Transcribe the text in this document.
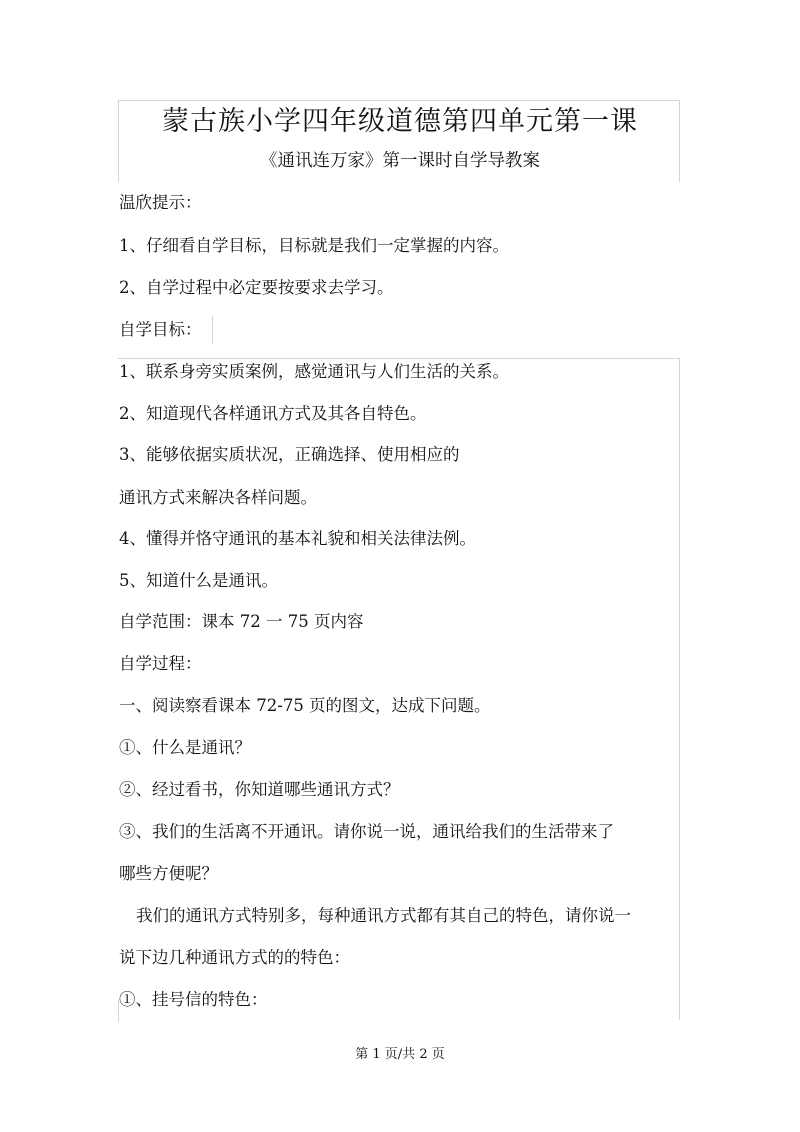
蒙古族小学四年级道德第四单元第一课
《通讯连万家》第一课时自学导教案
温欣提示：
1、仔细看自学目标，目标就是我们一定掌握的内容。
2、自学过程中必定要按要求去学习。
自学目标：
1、联系身旁实质案例，感觉通讯与人们生活的关系。
2、知道现代各样通讯方式及其各自特色。
3、能够依据实质状况，正确选择、使用相应的
通讯方式来解决各样问题。
4、懂得并恪守通讯的基本礼貌和相关法律法例。
5、知道什么是通讯。
自学范围：课本 72 一 75 页内容
自学过程：
一、阅读察看课本 72-75 页的图文，达成下问题。
①、什么是通讯？
②、经过看书，你知道哪些通讯方式？
③、我们的生活离不开通讯。请你说一说，通讯给我们的生活带来了
哪些方便呢？
我们的通讯方式特别多，每种通讯方式都有其自己的特色，请你说一
说下边几种通讯方式的的特色：
①、挂号信的特色：
第 1 页/共 2 页
